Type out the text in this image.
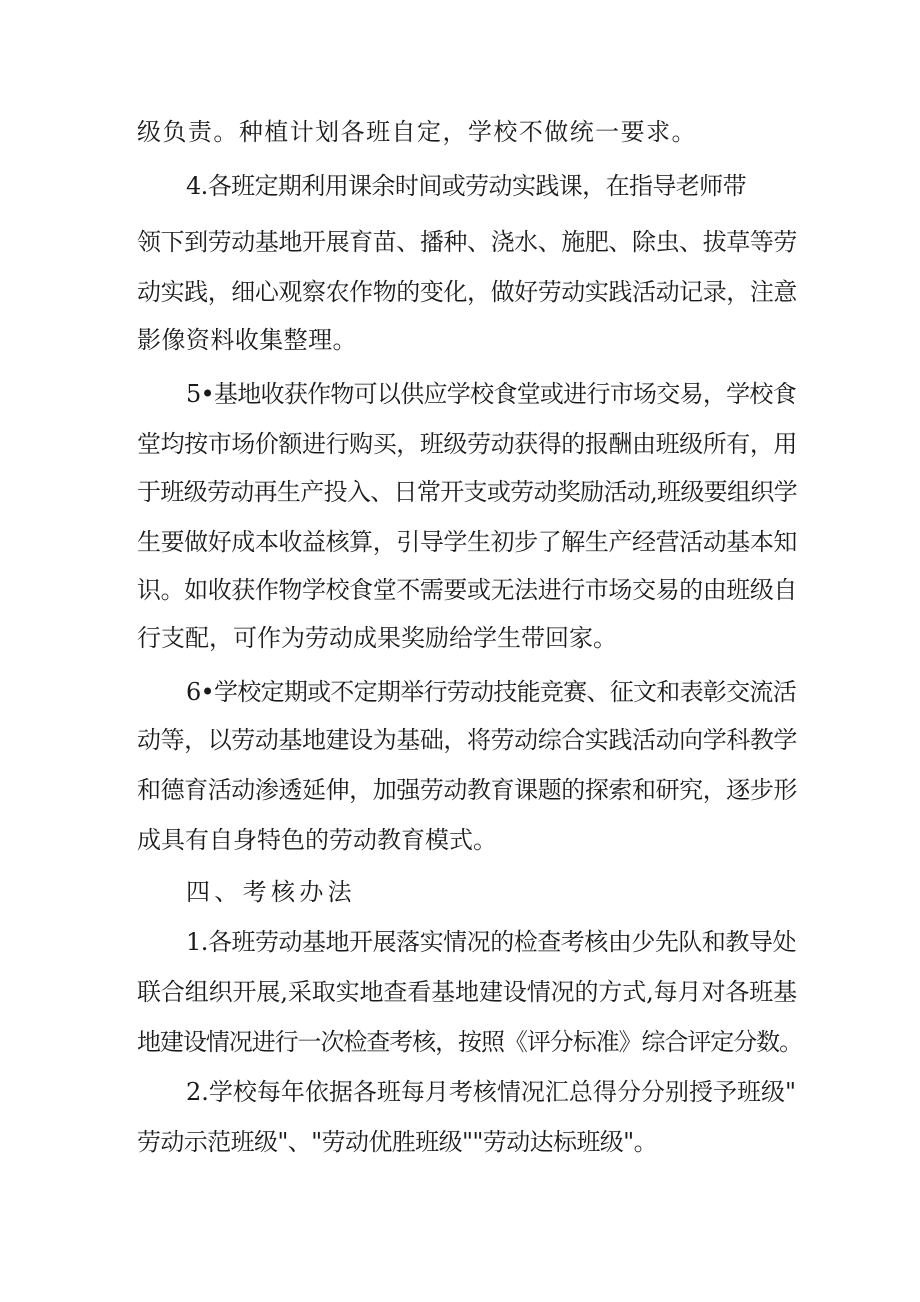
级负责。种植计划各班自定，学校不做统一要求。
4.各班定期利用课余时间或劳动实践课，在指导老师带
领下到劳动基地开展育苗、播种、浇水、施肥、除虫、拔草等劳
动实践，细心观察农作物的变化，做好劳动实践活动记录，注意
影像资料收集整理。
5•基地收获作物可以供应学校食堂或进行市场交易，学校食
堂均按市场价额进行购买，班级劳动获得的报酬由班级所有，用
于班级劳动再生产投入、日常开支或劳动奖励活动,班级要组织学
生要做好成本收益核算，引导学生初步了解生产经营活动基本知
识。如收获作物学校食堂不需要或无法进行市场交易的由班级自
行支配，可作为劳动成果奖励给学生带回家。
6•学校定期或不定期举行劳动技能竞赛、征文和表彰交流活
动等，以劳动基地建设为基础，将劳动综合实践活动向学科教学
和德育活动渗透延伸，加强劳动教育课题的探索和研究，逐步形
成具有自身特色的劳动教育模式。
四、考核办法
1.各班劳动基地开展落实情况的检查考核由少先队和教导处
联合组织开展,采取实地查看基地建设情况的方式,每月对各班基
地建设情况进行一次检查考核，按照《评分标准》综合评定分数。
2.学校每年依据各班每月考核情况汇总得分分别授予班级"
劳动示范班级"、"劳动优胜班级""劳动达标班级"。
